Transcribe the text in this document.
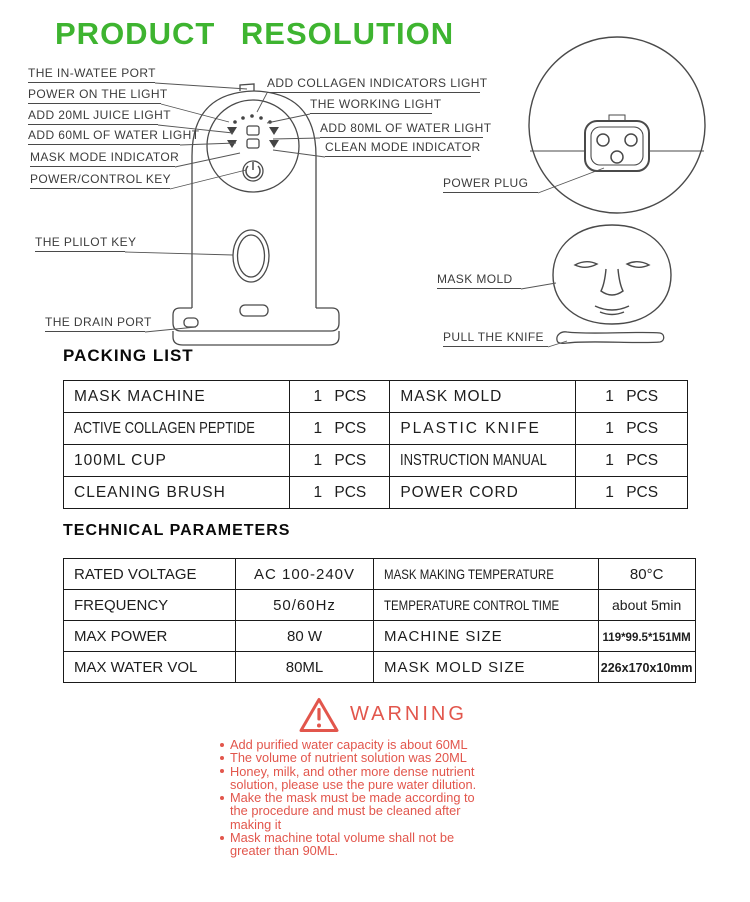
PRODUCT RESOLUTION
THE IN-WATEE PORT
POWER ON THE LIGHT
ADD 20ML JUICE LIGHT
ADD 60ML OF WATER LIGHT
MASK MODE INDICATOR
POWER/CONTROL KEY
THE PLILOT KEY
THE DRAIN PORT
ADD COLLAGEN INDICATORS LIGHT
THE WORKING LIGHT
ADD 80ML OF WATER LIGHT
CLEAN MODE INDICATOR
POWER PLUG
MASK MOLD
PULL THE KNIFE
PACKING LIST
MASK MACHINE	1 PCS	MASK MOLD	1 PCS
ACTIVE COLLAGEN PEPTIDE	1 PCS	PLASTIC KNIFE	1 PCS
100ML CUP	1 PCS	INSTRUCTION MANUAL	1 PCS
CLEANING BRUSH	1 PCS	POWER CORD	1 PCS
TECHNICAL PARAMETERS
RATED VOLTAGE	AC 100-240V	MASK MAKING TEMPERATURE	80°C
FREQUENCY	50/60Hz	TEMPERATURE CONTROL TIME	about 5min
MAX POWER	80 W	MACHINE SIZE	119*99.5*151MM
MAX WATER VOL	80ML	MASK MOLD SIZE	226x170x10mm
WARNING
Add purified water capacity is about 60ML
The volume of nutrient solution was 20ML
Honey, milk, and other more dense nutrient solution, please use the pure water dilution.
Make the mask must be made according to the procedure and must be cleaned after making it
Mask machine total volume shall not be greater than 90ML.
